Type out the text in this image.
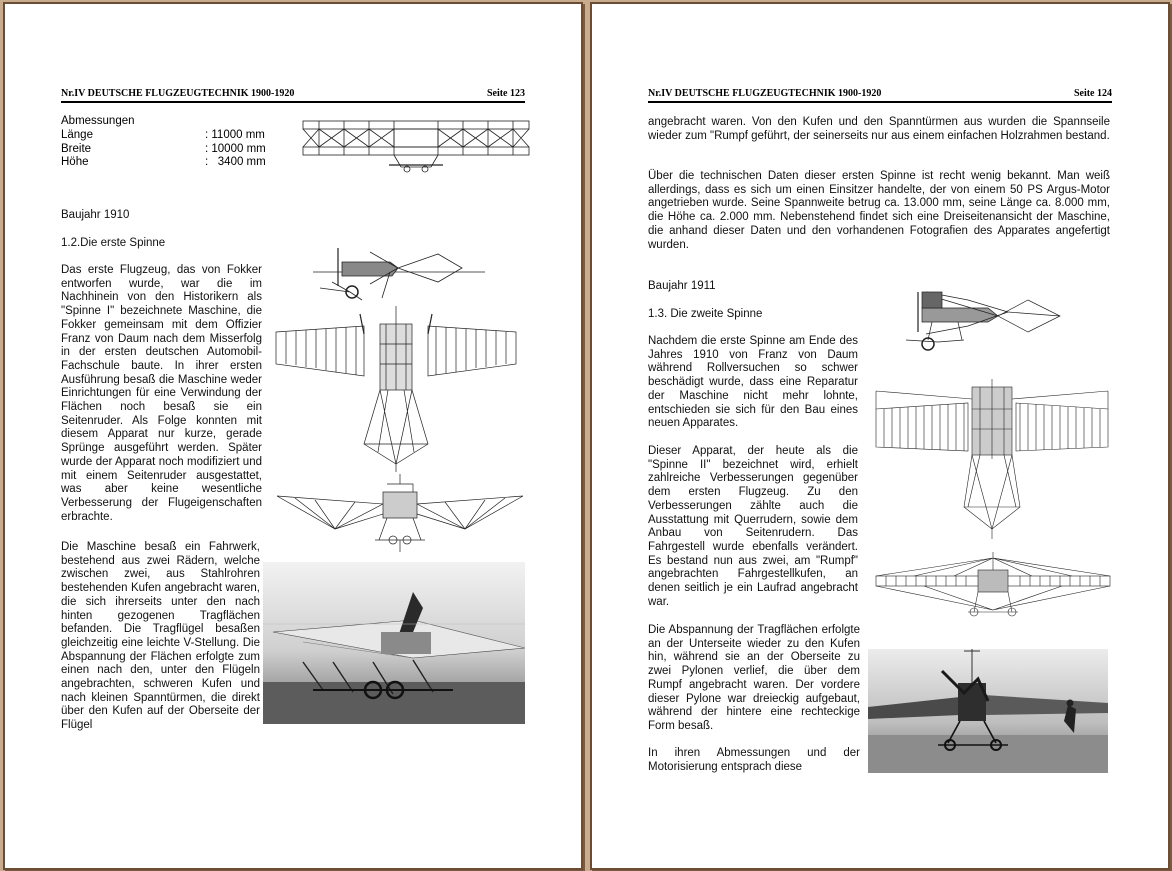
Nr.IV DEUTSCHE FLUGZEUGTECHNIK 1900-1920	Seite 123
Abmessungen
Länge	: 11000 mm
Breite	: 10000 mm
Höhe	:   3400 mm
Baujahr 1910
1.2.Die erste Spinne
Das erste Flugzeug, das von Fokker entworfen wurde, war die im Nachhinein von den Historikern als "Spinne I" bezeichnete Maschine, die Fokker gemeinsam mit dem Offizier Franz von Daum nach dem Misserfolg in der ersten deutschen Automobil-Fachschule baute. In ihrer ersten Ausführung besaß die Maschine weder Einrichtungen für eine Verwindung der Flächen noch besaß sie ein Seitenruder. Als Folge konnten mit diesem Apparat nur kurze, gerade Sprünge ausgeführt werden. Später wurde der Apparat noch modifiziert und mit einem Seitenruder ausgestattet, was aber keine wesentliche Verbesserung der Flugeigenschaften erbrachte.
Die Maschine besaß ein Fahrwerk, bestehend aus zwei Rädern, welche zwischen zwei, aus Stahlrohren bestehenden Kufen angebracht waren, die sich ihrerseits unter den nach hinten gezogenen Tragflächen befanden. Die Tragflügel besaßen gleichzeitig eine leichte V-Stellung. Die Abspannung der Flächen erfolgte zum einen nach den, unter den Flügeln angebrachten, schweren Kufen und nach kleinen Spanntürmen, die direkt über den Kufen auf der Oberseite der Flügel
Nr.IV DEUTSCHE FLUGZEUGTECHNIK 1900-1920	Seite 124
angebracht waren. Von den Kufen und den Spanntürmen aus wurden die Spannseile wieder zum "Rumpf geführt, der seinerseits nur aus einem einfachen Holzrahmen bestand.
Über die technischen Daten dieser ersten Spinne ist recht wenig bekannt. Man weiß allerdings, dass es sich um einen Einsitzer handelte, der von einem 50 PS Argus-Motor angetrieben wurde. Seine Spannweite betrug ca. 13.000 mm, seine Länge ca. 8.000 mm, die Höhe ca. 2.000 mm. Nebenstehend findet sich eine Dreiseitenansicht der Maschine, die anhand dieser Daten und den vorhandenen Fotografien des Apparates angefertigt wurden.
Baujahr 1911
1.3. Die zweite Spinne
Nachdem die erste Spinne am Ende des Jahres 1910 von Franz von Daum während Rollversuchen so schwer beschädigt wurde, dass eine Reparatur der Maschine nicht mehr lohnte, entschieden sie sich für den Bau eines neuen Apparates.
Dieser Apparat, der heute als die "Spinne II" bezeichnet wird, erhielt zahlreiche Verbesserungen gegenüber dem ersten Flugzeug. Zu den Verbesserungen zählte auch die Ausstattung mit Querrudern, sowie dem Anbau von Seitenrudern. Das Fahrgestell wurde ebenfalls verändert. Es bestand nun aus zwei, am "Rumpf" angebrachten Fahrgestellkufen, an denen seitlich je ein Laufrad angebracht war.
Die Abspannung der Tragflächen erfolgte an der Unterseite wieder zu den Kufen hin, während sie an der Oberseite zu zwei Pylonen verlief, die über dem Rumpf angebracht waren. Der vordere dieser Pylone war dreieckig aufgebaut, während der hintere eine rechteckige Form besaß.
In ihren Abmessungen und der Motorisierung entsprach diese
